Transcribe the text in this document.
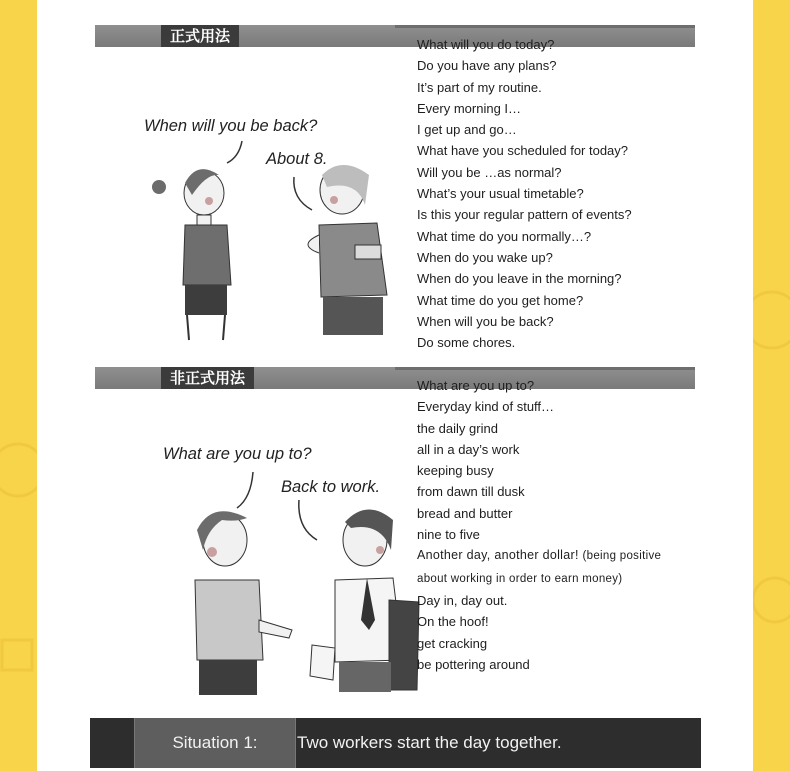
正式用法
When will you be back?
About 8.
What will you do today?
Do you have any plans?
It’s part of my routine.
Every morning I…
I get up and go…
What have you scheduled for today?
Will you be …as normal?
What’s your usual timetable?
Is this your regular pattern of events?
What time do you normally…?
When do you wake up?
When do you leave in the morning?
What time do you get home?
When will you be back?
Do some chores.
非正式用法
What are you up to?
Back to work.
What are you up to?
Everyday kind of stuff…
the daily grind
all in a day’s work
keeping busy
from dawn till dusk
bread and butter
nine to five
Another day, another dollar! (being positive about working in order to earn money)
Day in, day out.
On the hoof!
get cracking
be pottering around
Situation 1:	Two workers start the day together.
